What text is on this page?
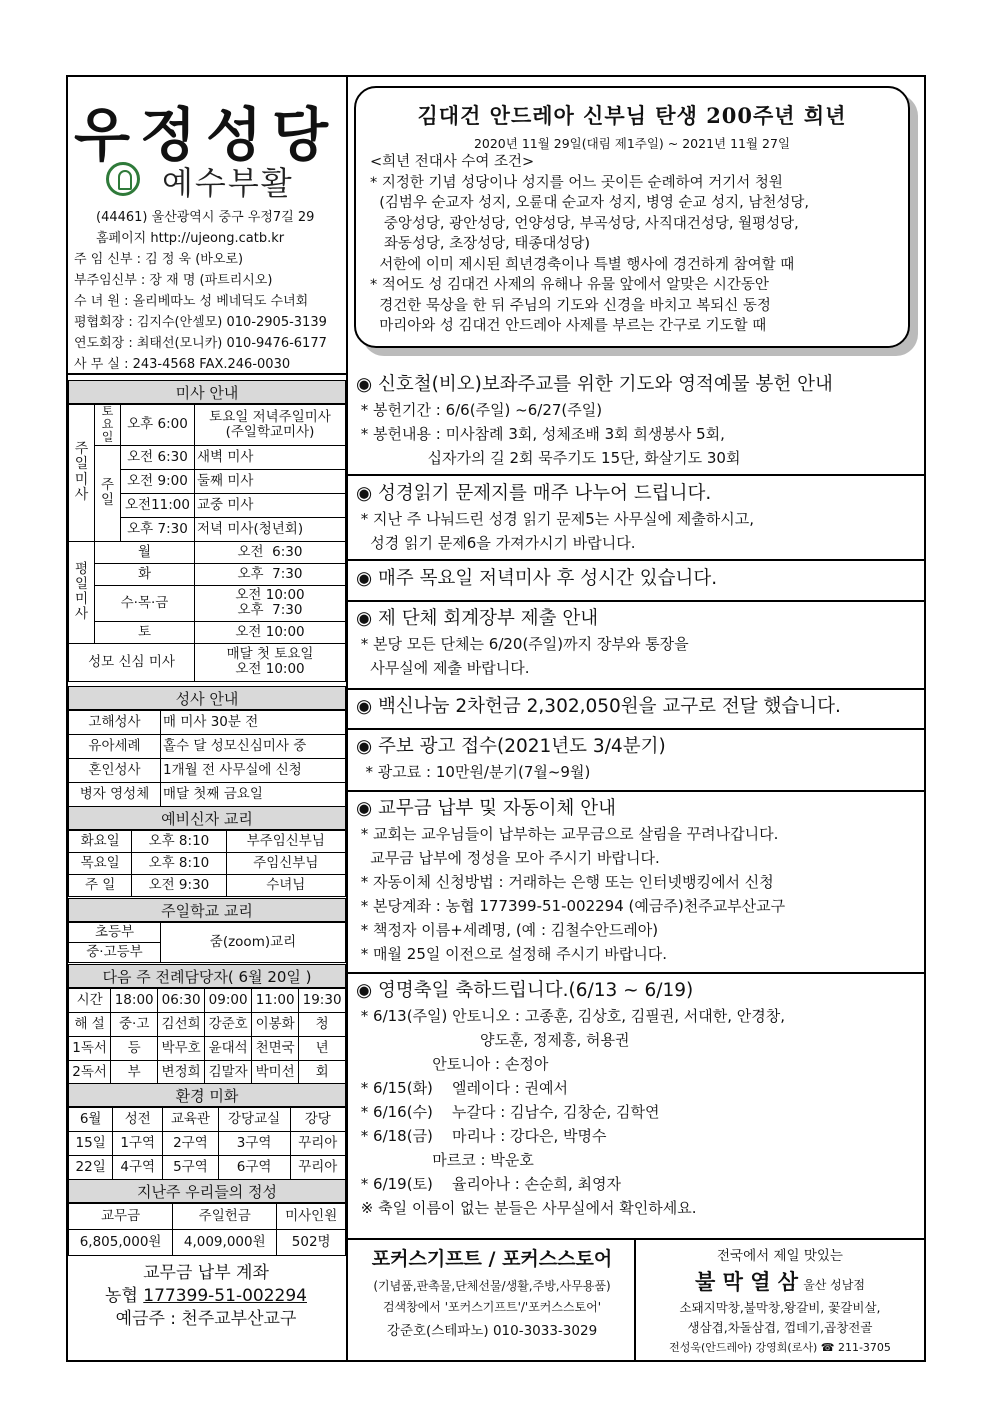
우정성당
예수부활
(44461) 울산광역시 중구 우정7길 29
홈페이지 http://ujeong.catb.kr
주 임 신부 : 김 정 욱 (바오로)
부주임신부 : 장 재 명 (파트리시오)
수 녀 원 : 올리베따노 성 베네딕도 수녀회
평협회장 : 김지수(안셀모) 010-2905-3139
연도회장 : 최태선(모니카) 010-9476-6177
사 무 실 : 243-4568 FAX.246-0030
미사 안내
주일미사	토요일	오후 6:00	토요일 저녁주일미사
(주일학교미사)
	주일	오전 6:30	새벽 미사
		오전 9:00	둘째 미사
		오전11:00	교중 미사
		오후 7:30	저녁 미사(청년회)
평일미사	월		오전  6:30
	화		오후  7:30
	수·목·금		오전 10:00
오후  7:30
	토		오전 10:00
성모 신심 미사			매달 첫 토요일
오전 10:00
성사 안내
고해성사	매 미사 30분 전
유아세례	홀수 달 성모신심미사 중
혼인성사	1개월 전 사무실에 신청
병자 영성체	매달 첫째 금요일
예비신자 교리
화요일	오후 8:10	부주임신부님
목요일	오후 8:10	주임신부님
주 일	오전 9:30	수녀님
주일학교 교리
초등부	줌(zoom)교리
중·고등부
다음 주 전례담당자( 6월 20일 )
시간	18:00	06:30	09:00	11:00	19:30
해 설	중·고	김선희	강준호	이봉화	청
1독서	등	박무호	윤대석	천면국	년
2독서	부	변정희	김말자	박미선	회
환경 미화
6월	성전	교육관	강당교실	강당
15일	1구역	2구역	3구역	꾸리아
22일	4구역	5구역	6구역	꾸리아
지난주 우리들의 정성
교무금	주일헌금	미사인원
6,805,000원	4,009,000원	502명
교무금 납부 계좌
농협 177399-51-002294
예금주 : 천주교부산교구
김대건 안드레아 신부님 탄생 200주년 희년
2020년 11월 29일(대림 제1주일) ~ 2021년 11월 27일

<희년 전대사 수여 조건>
* 지정한 기념 성당이나 성지를 어느 곳이든 순례하여 거기서 청원
(김범우 순교자 성지, 오륜대 순교자 성지, 병영 순교 성지, 남천성당,
중앙성당, 광안성당, 언양성당, 부곡성당, 사직대건성당, 월평성당,
좌동성당, 초장성당, 태종대성당)
서한에 이미 제시된 희년경축이나 특별 행사에 경건하게 참여할 때
* 적어도 성 김대건 사제의 유해나 유물 앞에서 알맞은 시간동안
경건한 묵상을 한 뒤 주님의 기도와 신경을 바치고 복되신 동정
마리아와 성 김대건 안드레아 사제를 부르는 간구로 기도할 때

◉ 신호철(비오)보좌주교를 위한 기도와 영적예물 봉헌 안내
* 봉헌기간 : 6/6(주일) ~6/27(주일)
* 봉헌내용 : 미사참례 3회, 성체조배 3회 희생봉사 5회,
십자가의 길 2회 묵주기도 15단, 화살기도 30회
◉ 성경읽기 문제지를 매주 나누어 드립니다.
* 지난 주 나눠드린 성경 읽기 문제5는 사무실에 제출하시고,
성경 읽기 문제6을 가져가시기 바랍니다.
◉ 매주 목요일 저녁미사 후 성시간 있습니다.
◉ 제 단체 회계장부 제출 안내
* 본당 모든 단체는 6/20(주일)까지 장부와 통장을
사무실에 제출 바랍니다.
◉ 백신나눔 2차헌금 2,302,050원을 교구로 전달 했습니다.
◉ 주보 광고 접수(2021년도 3/4분기)
* 광고료 : 10만원/분기(7월~9월)
◉ 교무금 납부 및 자동이체 안내
* 교회는 교우님들이 납부하는 교무금으로 살림을 꾸려나갑니다.
교무금 납부에 정성을 모아 주시기 바랍니다.
* 자동이체 신청방법 : 거래하는 은행 또는 인터넷뱅킹에서 신청
* 본당계좌 : 농협 177399-51-002294 (예금주)천주교부산교구
* 책정자 이름+세례명, (예 : 김철수안드레아)
* 매월 25일 이전으로 설정해 주시기 바랍니다.
◉ 영명축일 축하드립니다.(6/13 ~ 6/19)
* 6/13(주일) 안토니오 : 고종훈, 김상호, 김필권, 서대한, 안경창,
양도훈, 정제흥, 허용권
안토니아 : 손정아
* 6/15(화)    엘레이다 : 권예서
* 6/16(수)    누갈다 : 김남수, 김창순, 김학연
* 6/18(금)    마리나 : 강다은, 박명수
마르코 : 박운호
* 6/19(토)    율리아나 : 손순희, 최영자
※ 축일 이름이 없는 분들은 사무실에서 확인하세요.
포커스기프트 / 포커스스토어
(기념품,판촉물,단체선물/생활,주방,사무용품)
검색창에서 '포커스기프트'/'포커스스토어'
강준호(스테파노) 010-3033-3029
전국에서 제일 맛있는
불 막 열 삼 울산 성남점
소돼지막창,불막창,왕갈비, 꽃갈비살,
생삼겹,차돌삼겹, 껍데기,곱창전골
전성욱(안드레아) 강영희(로사) ☎ 211-3705
